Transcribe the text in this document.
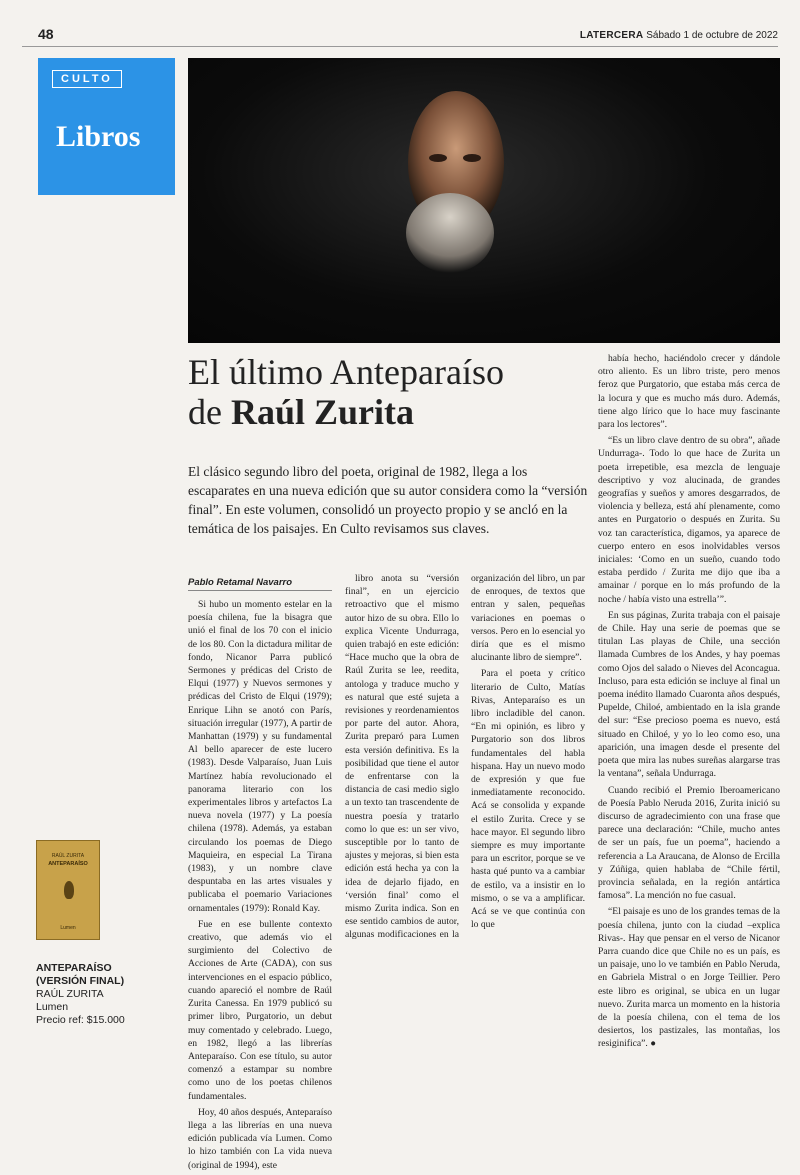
48	LATERCERA Sábado 1 de octubre de 2022
CULTO
Libros
El último Anteparaíso
de Raúl Zurita

El clásico segundo libro del poeta, original de 1982, llega a los escaparates en una nueva edición que su autor considera como la “versión final”. En este volumen, consolidó un proyecto propio y se ancló en la temática de los paisajes. En Culto revisamos sus claves.

Pablo Retamal Navarro

Si hubo un momento estelar en la poesía chilena, fue la bisagra que unió el final de los 70 con el inicio de los 80. Con la dictadura militar de fondo, Nicanor Parra publicó Sermones y prédicas del Cristo de Elqui (1977) y Nuevos sermones y prédicas del Cristo de Elqui (1979); Enrique Lihn se anotó con París, situación irregular (1977), A partir de Manhattan (1979) y su fundamental Al bello aparecer de este lucero (1983). Desde Valparaíso, Juan Luis Martínez había revolucionado el panorama literario con los experimentales libros y artefactos La nueva novela (1977) y La poesía chilena (1978). Además, ya estaban circulando los poemas de Diego Maquieira, en especial La Tirana (1983), y un nombre clave despuntaba en las artes visuales y publicaba el poemario Variaciones ornamentales (1979): Ronald Kay.

Fue en ese bullente contexto creativo, que además vio el surgimiento del Colectivo de Acciones de Arte (CADA), con sus intervenciones en el espacio público, cuando apareció el nombre de Raúl Zurita Canessa. En 1979 publicó su primer libro, Purgatorio, un debut muy comentado y celebrado. Luego, en 1982, llegó a las librerías Anteparaíso. Con ese título, su autor comenzó a estampar su nombre como uno de los poetas chilenos fundamentales.

Hoy, 40 años después, Anteparaíso llega a las librerías en una nueva edición publicada vía Lumen. Como lo hizo también con La vida nueva (original de 1994), este

libro anota su “versión final”, en un ejercicio retroactivo que el mismo autor hizo de su obra. Ello lo explica Vicente Undurraga, quien trabajó en este edición: “Hace mucho que la obra de Raúl Zurita se lee, reedita, antologa y traduce mucho y es natural que esté sujeta a revisiones y reordenamientos por parte del autor. Ahora, Zurita preparó para Lumen esta versión definitiva. Es la posibilidad que tiene el autor de enfrentarse con la distancia de casi medio siglo a un texto tan trascendente de nuestra poesía y tratarlo como lo que es: un ser vivo, susceptible por lo tanto de ajustes y mejoras, si bien esta edición está hecha ya con la idea de dejarlo fijado, en ‘versión final’ como el mismo Zurita indica. Son en ese sentido cambios de autor, algunas modificaciones en la organización del libro, un par de enroques, de textos que entran y salen, pequeñas variaciones en poemas o versos. Pero en lo esencial yo diría que es el mismo alucinante libro de siempre”.

Para el poeta y crítico literario de Culto, Matías Rivas, Anteparaíso es un libro incladible del canon. “En mi opinión, es libro y Purgatorio son dos libros fundamentales del habla hispana. Hay un nuevo modo de expresión y que fue inmediatamente reconocido. Acá se consolida y expande el estilo Zurita. Crece y se hace mayor. El segundo libro siempre es muy importante para un escritor, porque se ve hasta qué punto va a cambiar de estilo, va a insistir en lo mismo, o se va a amplificar. Acá se ve que continúa con lo que

había hecho, haciéndolo crecer y dándole otro aliento. Es un libro triste, pero menos feroz que Purgatorio, que estaba más cerca de la locura y que es mucho más duro. Además, tiene algo lírico que lo hace muy fascinante para los lectores”.

“Es un libro clave dentro de su obra”, añade Undurraga-. Todo lo que hace de Zurita un poeta irrepetible, esa mezcla de lenguaje descriptivo y voz alucinada, de grandes geografías y sueños y amores desgarrados, de violencia y belleza, está ahí plenamente, como antes en Purgatorio o después en Zurita. Su voz tan característica, digamos, ya aparece de cuerpo entero en esos inolvidables versos iniciales: ‘Como en un sueño, cuando todo estaba perdido / Zurita me dijo que iba a amainar / porque en lo más profundo de la noche / había visto una estrella’”.

En sus páginas, Zurita trabaja con el paisaje de Chile. Hay una serie de poemas que se titulan Las playas de Chile, una sección llamada Cumbres de los Andes, y hay poemas como Ojos del salado o Nieves del Aconcagua. Incluso, para esta edición se incluye al final un poema inédito llamado Cuaronta años después, Pupelde, Chiloé, ambientado en la isla grande del sur: “Ese precioso poema es nuevo, está situado en Chiloé, y yo lo leo como eso, una aparición, una imagen desde el presente del poeta que mira las nubes sureñas alargarse tras la ventana”, señala Undurraga.

Cuando recibió el Premio Iberoamericano de Poesía Pablo Neruda 2016, Zurita inició su discurso de agradecimiento con una frase que parece una declaración: “Chile, mucho antes de ser un país, fue un poema”, haciendo a referencia a La Araucana, de Alonso de Ercilla y Zúñiga, quien hablaba de “Chile fértil, provincia señalada, en la región antártica famosa”. La mención no fue casual.

“El paisaje es uno de los grandes temas de la poesía chilena, junto con la ciudad –explica Rivas-. Hay que pensar en el verso de Nicanor Parra cuando dice que Chile no es un país, es un paisaje, uno lo ve también en Pablo Neruda, en Gabriela Mistral o en Jorge Teillier. Pero este libro es original, se ubica en un lugar nuevo. Zurita marca un momento en la historia de la poesía chilena, con el tema de los desiertos, los pastizales, las montañas, los resiginifica”. ●

RAÚL ZURITA
ANTEPARAÍSO
Lumen
ANTEPARAÍSO
(VERSIÓN FINAL)
RAÚL ZURITA
Lumen
Precio ref: $15.000
